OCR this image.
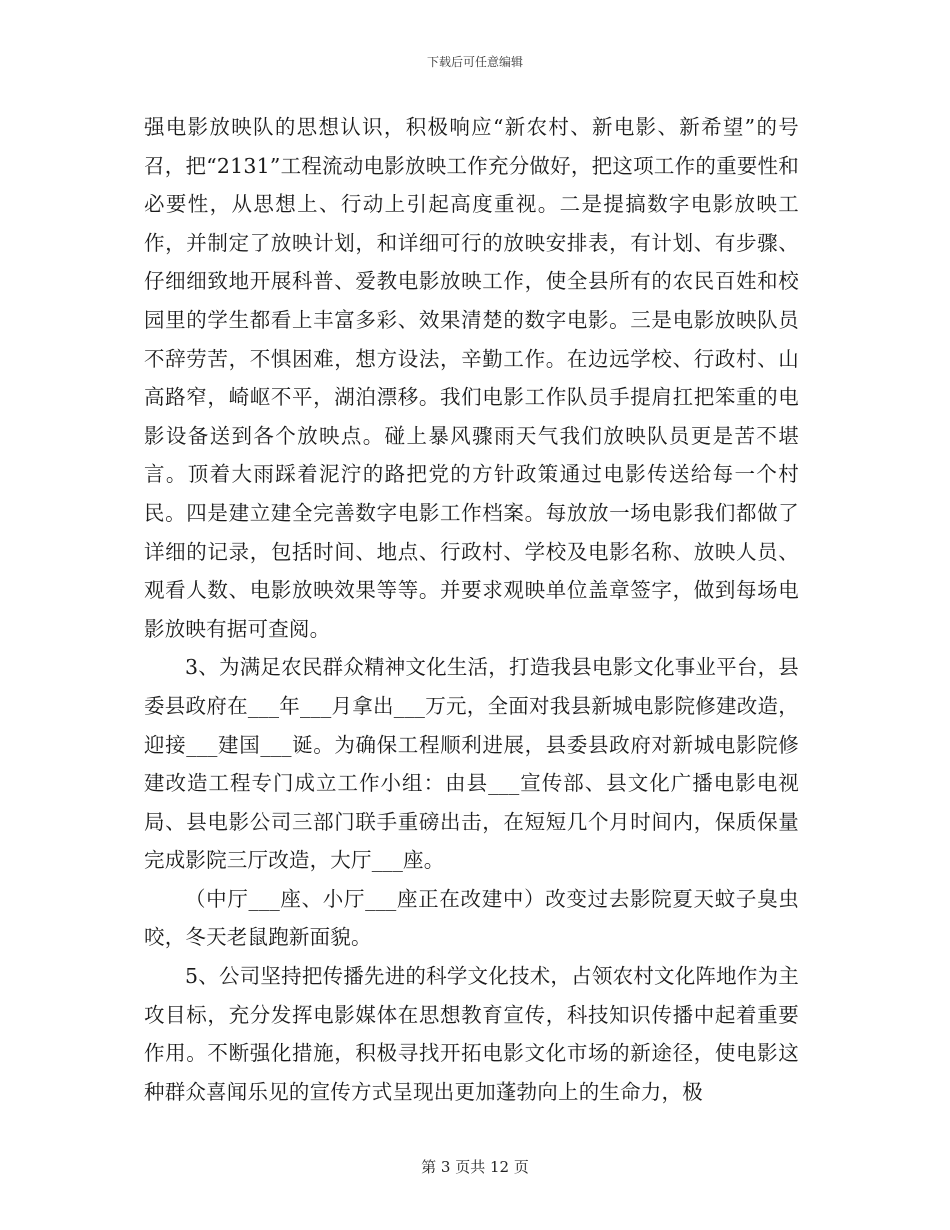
下载后可任意编辑

强电影放映队的思想认识，积极响应“新农村、新电影、新希望”的号召，把“2131”工程流动电影放映工作充分做好，把这项工作的重要性和必要性，从思想上、行动上引起高度重视。二是提搞数字电影放映工作，并制定了放映计划，和详细可行的放映安排表，有计划、有步骤、仔细细致地开展科普、爱教电影放映工作，使全县所有的农民百姓和校园里的学生都看上丰富多彩、效果清楚的数字电影。三是电影放映队员不辞劳苦，不惧困难，想方设法，辛勤工作。在边远学校、行政村、山高路窄，崎岖不平，湖泊漂移。我们电影工作队员手提肩扛把笨重的电影设备送到各个放映点。碰上暴风骤雨天气我们放映队员更是苦不堪言。顶着大雨踩着泥泞的路把党的方针政策通过电影传送给每一个村民。四是建立建全完善数字电影工作档案。每放放一场电影我们都做了详细的记录，包括时间、地点、行政村、学校及电影名称、放映人员、观看人数、电影放映效果等等。并要求观映单位盖章签字，做到每场电影放映有据可查阅。

3、为满足农民群众精神文化生活，打造我县电影文化事业平台，县委县政府在___年___月拿出___万元，全面对我县新城电影院修建改造，迎接___建国___诞。为确保工程顺利进展，县委县政府对新城电影院修建改造工程专门成立工作小组：由县___宣传部、县文化广播电影电视局、县电影公司三部门联手重磅出击，在短短几个月时间内，保质保量完成影院三厅改造，大厅___座。

（中厅___座、小厅___座正在改建中）改变过去影院夏天蚊子臭虫咬，冬天老鼠跑新面貌。

5、公司坚持把传播先进的科学文化技术，占领农村文化阵地作为主攻目标，充分发挥电影媒体在思想教育宣传，科技知识传播中起着重要作用。不断强化措施，积极寻找开拓电影文化市场的新途径，使电影这种群众喜闻乐见的宣传方式呈现出更加蓬勃向上的生命力，极

第 3 页共 12 页
